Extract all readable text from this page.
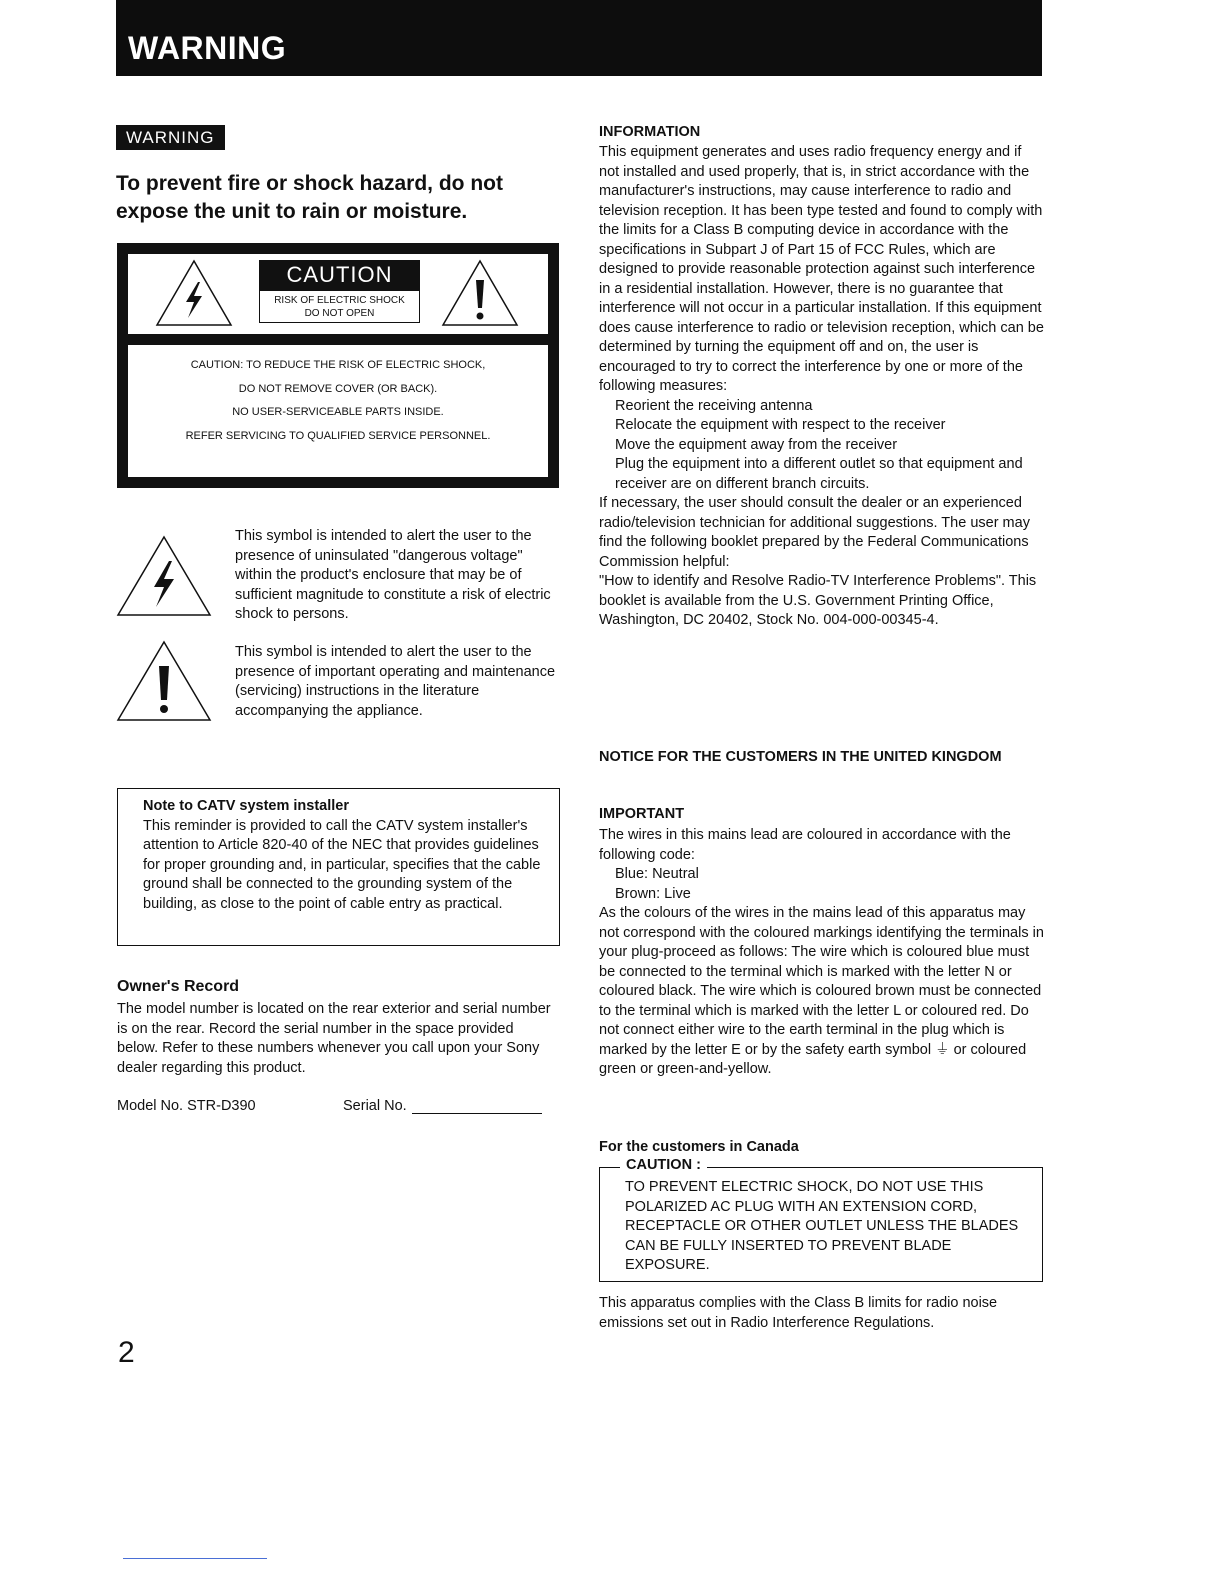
WARNING
WARNING
To prevent fire or shock hazard, do not expose the unit to rain or moisture.
CAUTION
RISK OF ELECTRIC SHOCK
DO NOT OPEN
CAUTION: TO REDUCE THE RISK OF ELECTRIC SHOCK,
DO NOT REMOVE COVER (OR BACK).
NO USER-SERVICEABLE PARTS INSIDE.
REFER SERVICING TO QUALIFIED SERVICE PERSONNEL.
This symbol is intended to alert the user to the presence of uninsulated "dangerous voltage" within the product's enclosure that may be of sufficient magnitude to constitute a risk of electric shock to persons.
This symbol is intended to alert the user to the presence of important operating and maintenance (servicing) instructions in the literature accompanying the appliance.
Note to CATV system installer
This reminder is provided to call the CATV system installer's attention to Article 820-40 of the NEC that provides guidelines for proper grounding and, in particular, specifies that the cable ground shall be connected to the grounding system of the building, as close to the point of cable entry as practical.
Owner's Record
The model number is located on the rear exterior and serial number is on the rear. Record the serial number in the space provided below. Refer to these numbers whenever you call upon your Sony dealer regarding this product.
Model No. STR-D390	Serial No.
2
INFORMATION

This equipment generates and uses radio frequency energy and if not installed and used properly, that is, in strict accordance with the manufacturer's instructions, may cause interference to radio and television reception. It has been type tested and found to comply with the limits for a Class B computing device in accordance with the specifications in Subpart J of Part 15 of FCC Rules, which are designed to provide reasonable protection against such interference in a residential installation. However, there is no guarantee that interference will not occur in a particular installation. If this equipment does cause interference to radio or television reception, which can be determined by turning the equipment off and on, the user is encouraged to try to correct the interference by one or more of the following measures:

Reorient the receiving antenna
Relocate the equipment with respect to the receiver
Move the equipment away from the receiver
Plug the equipment into a different outlet so that equipment and receiver are on different branch circuits.

If necessary, the user should consult the dealer or an experienced radio/television technician for additional suggestions. The user may find the following booklet prepared by the Federal Communications Commission helpful:

"How to identify and Resolve Radio-TV Interference Problems". This booklet is available from the U.S. Government Printing Office, Washington, DC 20402, Stock No. 004-000-00345-4.

NOTICE FOR THE CUSTOMERS IN THE UNITED KINGDOM
IMPORTANT

The wires in this mains lead are coloured in accordance with the following code:

Blue: Neutral
Brown: Live

As the colours of the wires in the mains lead of this apparatus may not correspond with the coloured markings identifying the terminals in your plug-proceed as follows: The wire which is coloured blue must be connected to the terminal which is marked with the letter N or coloured black. The wire which is coloured brown must be connected to the terminal which is marked with the letter L or coloured red. Do not connect either wire to the earth terminal in the plug which is marked by the letter E or by the safety earth symbol ⏚ or coloured green or green-and-yellow.

For the customers in Canada
CAUTION :
TO PREVENT ELECTRIC SHOCK, DO NOT USE THIS POLARIZED AC PLUG WITH AN EXTENSION CORD, RECEPTACLE OR OTHER OUTLET UNLESS THE BLADES CAN BE FULLY INSERTED TO PREVENT BLADE EXPOSURE.
This apparatus complies with the Class B limits for radio noise emissions set out in Radio Interference Regulations.
